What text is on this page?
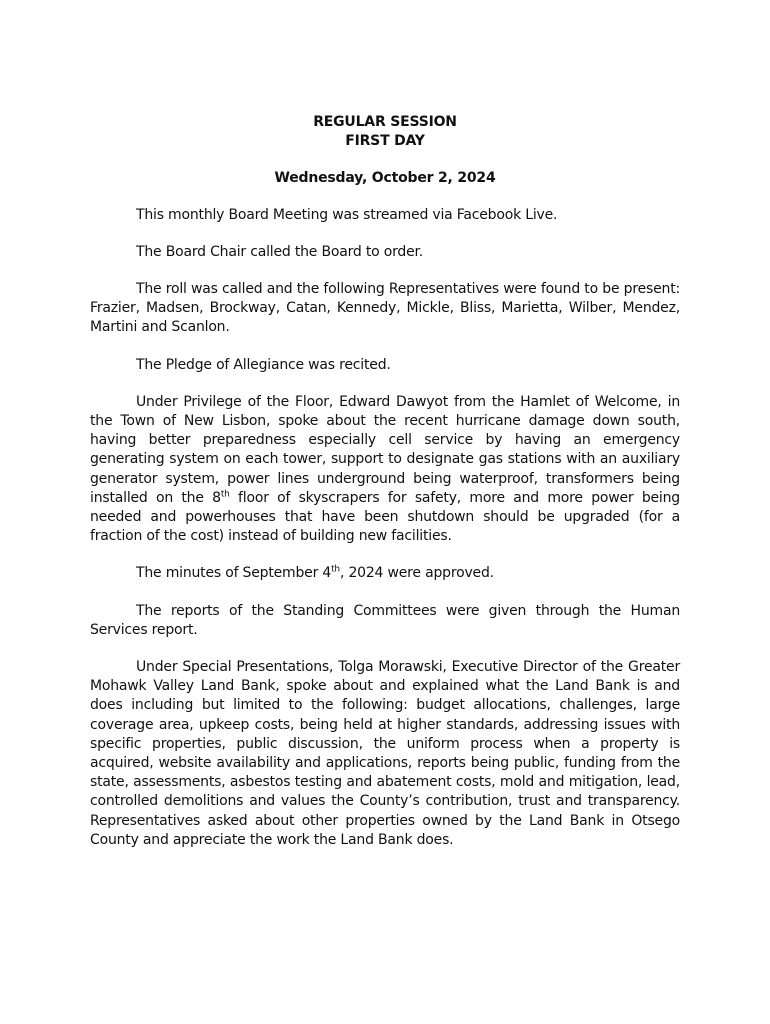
REGULAR SESSION

FIRST DAY

Wednesday, October 2, 2024

This monthly Board Meeting was streamed via Facebook Live.

The Board Chair called the Board to order.

The roll was called and the following Representatives were found to be present: Frazier, Madsen, Brockway, Catan, Kennedy, Mickle, Bliss, Marietta, Wilber, Mendez, Martini and Scanlon.

The Pledge of Allegiance was recited.

Under Privilege of the Floor, Edward Dawyot from the Hamlet of Welcome, in the Town of New Lisbon, spoke about the recent hurricane damage down south, having better preparedness especially cell service by having an emergency generating system on each tower, support to designate gas stations with an auxiliary generator system, power lines underground being waterproof, transformers being installed on the 8th floor of skyscrapers for safety, more and more power being needed and powerhouses that have been shutdown should be upgraded (for a fraction of the cost) instead of building new facilities.

The minutes of September 4th, 2024 were approved.

The reports of the Standing Committees were given through the Human Services report.

Under Special Presentations, Tolga Morawski, Executive Director of the Greater Mohawk Valley Land Bank, spoke about and explained what the Land Bank is and does including but limited to the following: budget allocations, challenges, large coverage area, upkeep costs, being held at higher standards, addressing issues with specific properties, public discussion, the uniform process when a property is acquired, website availability and applications, reports being public, funding from the state, assessments, asbestos testing and abatement costs, mold and mitigation, lead, controlled demolitions and values the County’s contribution, trust and transparency. Representatives asked about other properties owned by the Land Bank in Otsego County and appreciate the work the Land Bank does.
